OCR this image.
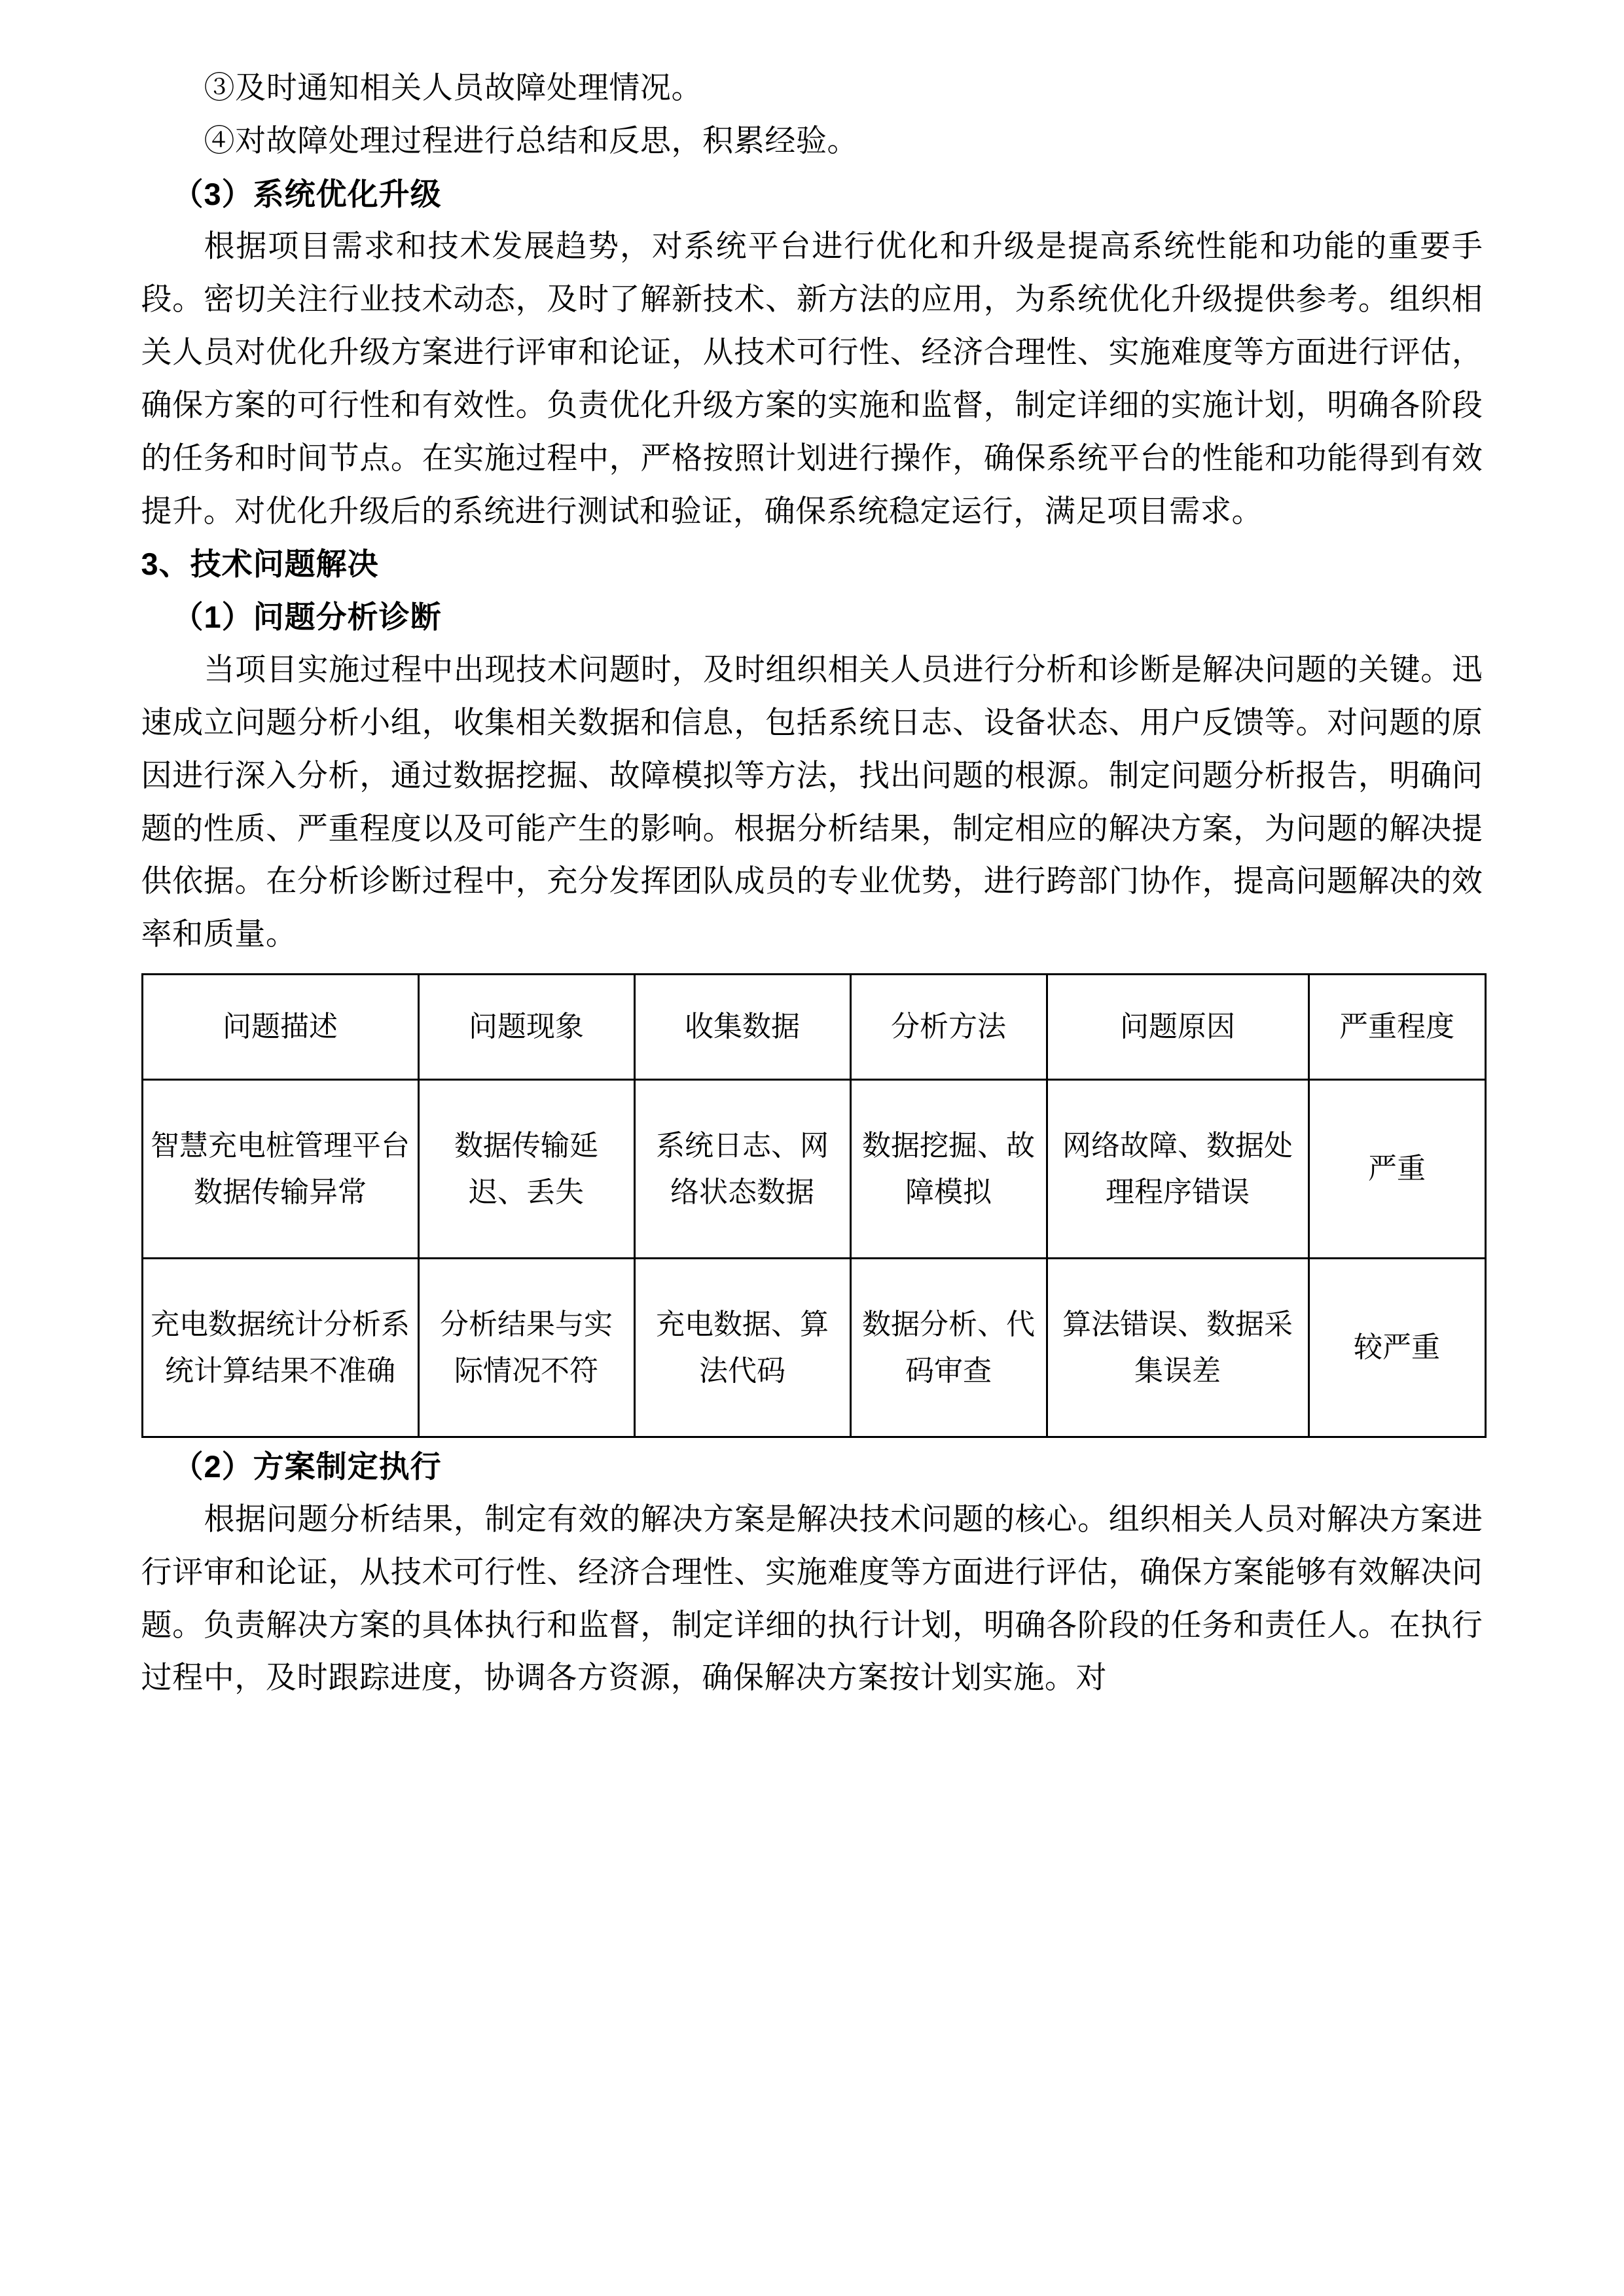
③及时通知相关人员故障处理情况。

④对故障处理过程进行总结和反思，积累经验。

（3）系统优化升级

根据项目需求和技术发展趋势，对系统平台进行优化和升级是提高系统性能和功能的重要手段。密切关注行业技术动态，及时了解新技术、新方法的应用，为系统优化升级提供参考。组织相关人员对优化升级方案进行评审和论证，从技术可行性、经济合理性、实施难度等方面进行评估，确保方案的可行性和有效性。负责优化升级方案的实施和监督，制定详细的实施计划，明确各阶段的任务和时间节点。在实施过程中，严格按照计划进行操作，确保系统平台的性能和功能得到有效提升。对优化升级后的系统进行测试和验证，确保系统稳定运行，满足项目需求。

3、技术问题解决

（1）问题分析诊断

当项目实施过程中出现技术问题时，及时组织相关人员进行分析和诊断是解决问题的关键。迅速成立问题分析小组，收集相关数据和信息，包括系统日志、设备状态、用户反馈等。对问题的原因进行深入分析，通过数据挖掘、故障模拟等方法，找出问题的根源。制定问题分析报告，明确问题的性质、严重程度以及可能产生的影响。根据分析结果，制定相应的解决方案，为问题的解决提供依据。在分析诊断过程中，充分发挥团队成员的专业优势，进行跨部门协作，提高问题解决的效率和质量。

问题描述	问题现象	收集数据	分析方法	问题原因	严重程度
智慧充电桩管理平台数据传输异常	数据传输延迟、丢失	系统日志、网络状态数据	数据挖掘、故障模拟	网络故障、数据处理程序错误	严重
充电数据统计分析系统计算结果不准确	分析结果与实际情况不符	充电数据、算法代码	数据分析、代码审查	算法错误、数据采集误差	较严重

（2）方案制定执行

根据问题分析结果，制定有效的解决方案是解决技术问题的核心。组织相关人员对解决方案进行评审和论证，从技术可行性、经济合理性、实施难度等方面进行评估，确保方案能够有效解决问题。负责解决方案的具体执行和监督，制定详细的执行计划，明确各阶段的任务和责任人。在执行过程中，及时跟踪进度，协调各方资源，确保解决方案按计划实施。对
